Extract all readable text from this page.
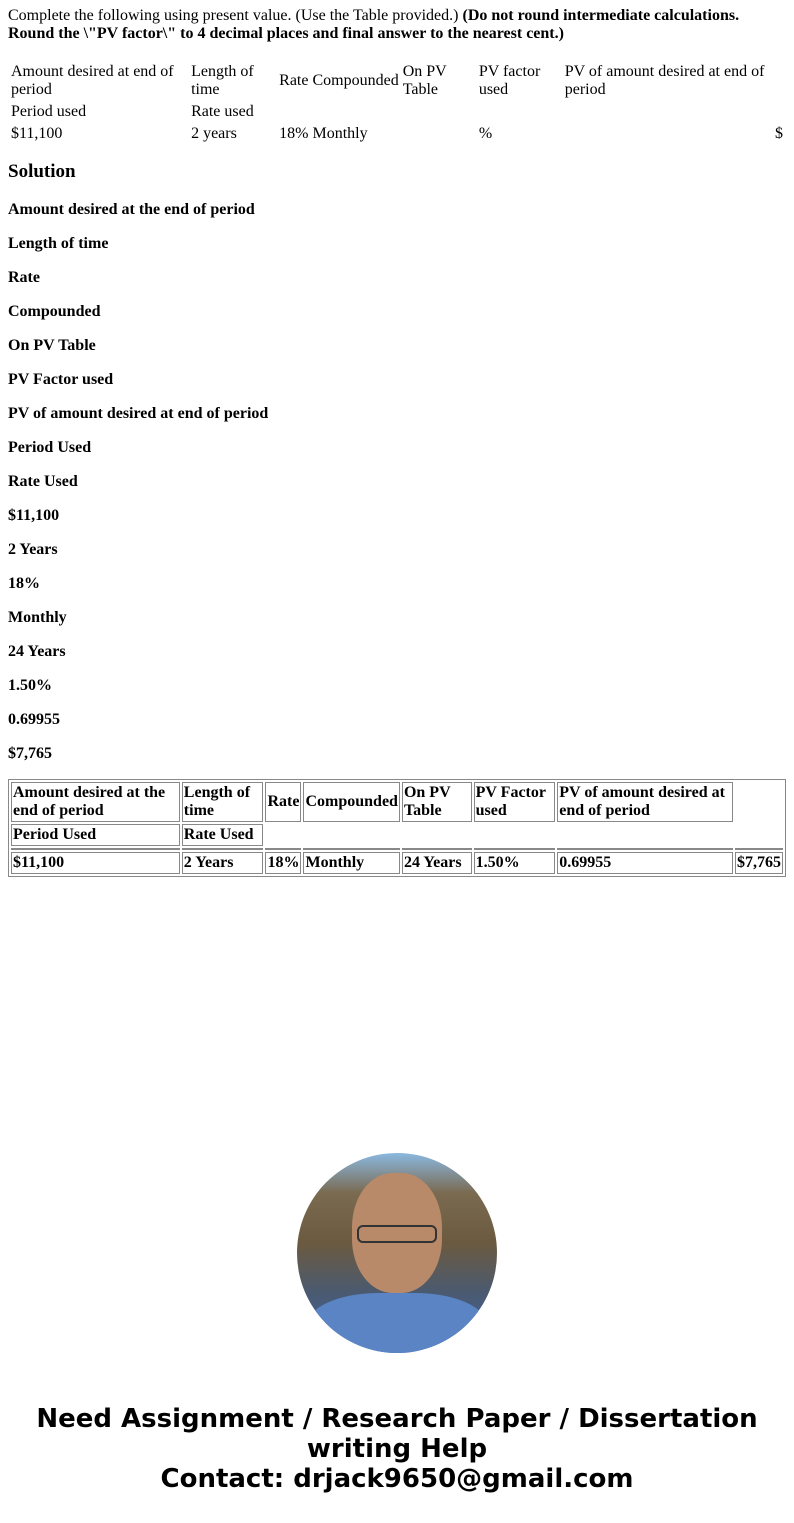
Complete the following using present value. (Use the Table provided.) (Do not round intermediate calculations. Round the \"PV factor\" to 4 decimal places and final answer to the nearest cent.)
Amount desired at end of period	Length of time	Rate	Compounded	On PV Table	PV factor used	PV of amount desired at end of period	
Period used	Rate used						
$11,100	2 years	18%	Monthly		%		$
Solution

Amount desired at the end of period

Length of time

Rate

Compounded

On PV Table

PV Factor used

PV of amount desired at end of period

Period Used

Rate Used

$11,100

2 Years

18%

Monthly

24 Years

1.50%

0.69955

$7,765

Amount desired at the end of period	Length of time	Rate	Compounded	On PV Table	PV Factor used	PV of amount desired at end of period	
Period Used	Rate Used						

$11,100	2 Years	18%	Monthly	24 Years	1.50%	0.69955	$7,765
Need Assignment / Research Paper / Dissertation writing Help
Contact: drjack9650@gmail.com
